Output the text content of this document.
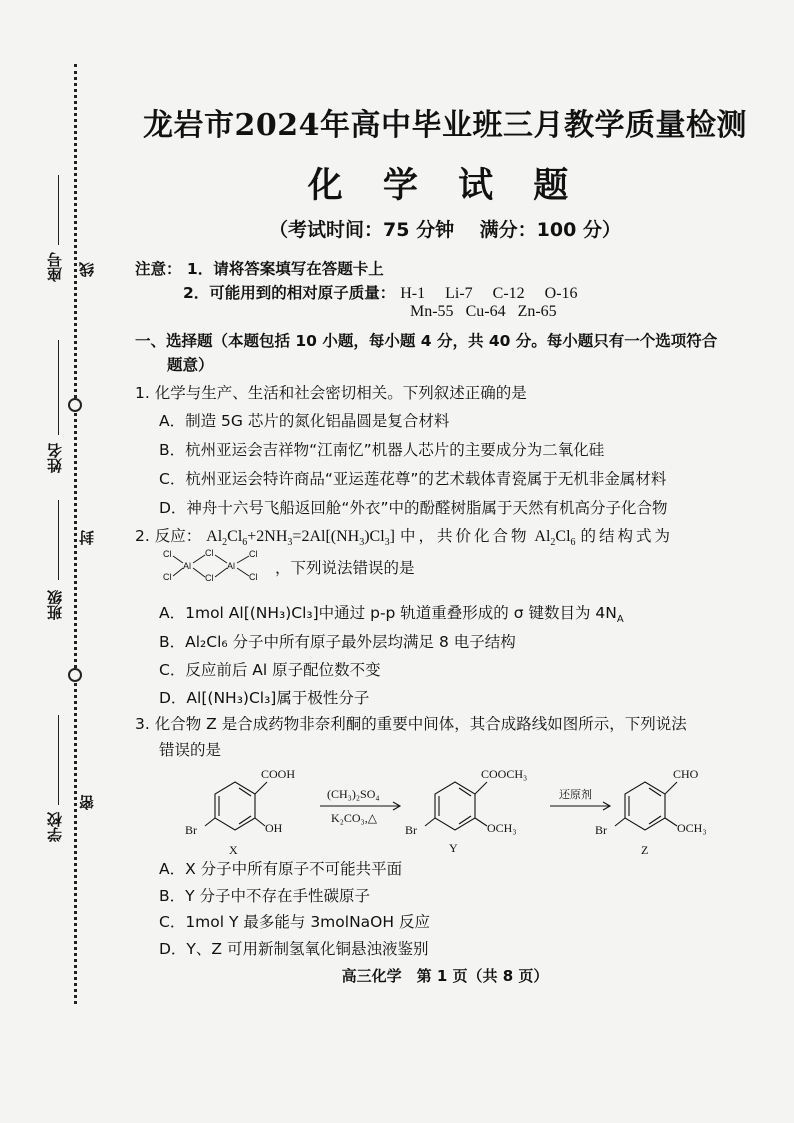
座号 线
姓名
封
班级
学校
密
龙岩市2024年高中毕业班三月教学质量检测
化 学 试 题
（考试时间：75 分钟　 满分：100 分）
注意： 1．请将答案填写在答题卡上
2．可能用到的相对原子质量： H-1 Li-7 C-12 O-16
Mn-55 Cu-64 Zn-65
一、选择题（本题包括 10 小题，每小题 4 分，共 40 分。每小题只有一个选项符合
题意）
1. 化学与生产、生活和社会密切相关。下列叙述正确的是
A．制造 5G 芯片的氮化铝晶圆是复合材料
B．杭州亚运会吉祥物“江南忆”机器人芯片的主要成分为二氧化硅
C．杭州亚运会特许商品“亚运莲花尊”的艺术载体青瓷属于无机非金属材料
D．神舟十六号飞船返回舱“外衣”中的酚醛树脂属于天然有机高分子化合物
2. 反应： $Al_2Cl_6+2NH_3=2Al[(NH_3)Cl_3]$ 中，共价化合物 $Al_2Cl_6$ 的结构式为
Cl
Cl
Al
Cl
Cl
Al
Cl
Cl ，下列说法错误的是
A．1mol Al[(NH₃)Cl₃]中通过 p-p 轨道重叠形成的 σ 键数目为 $4N_A$
B．Al₂Cl₆ 分子中所有原子最外层均满足 8 电子结构
C．反应前后 Al 原子配位数不变
D．Al[(NH₃)Cl₃]属于极性分子
3. 化合物 Z 是合成药物非奈利酮的重要中间体，其合成路线如图所示，下列说法
错误的是
COOH
Br	OH
X
(CH₃)₂SO₄
K₂CO₃,△
COOCH₃
Br	OCH₃
Y
还原剂
CHO
Br	OCH₃
Z
A．X 分子中所有原子不可能共平面
B．Y 分子中不存在手性碳原子
C．1mol Y 最多能与 3molNaOH 反应
D．Y、Z 可用新制氢氧化铜悬浊液鉴别
高三化学　第 1 页（共 8 页）
